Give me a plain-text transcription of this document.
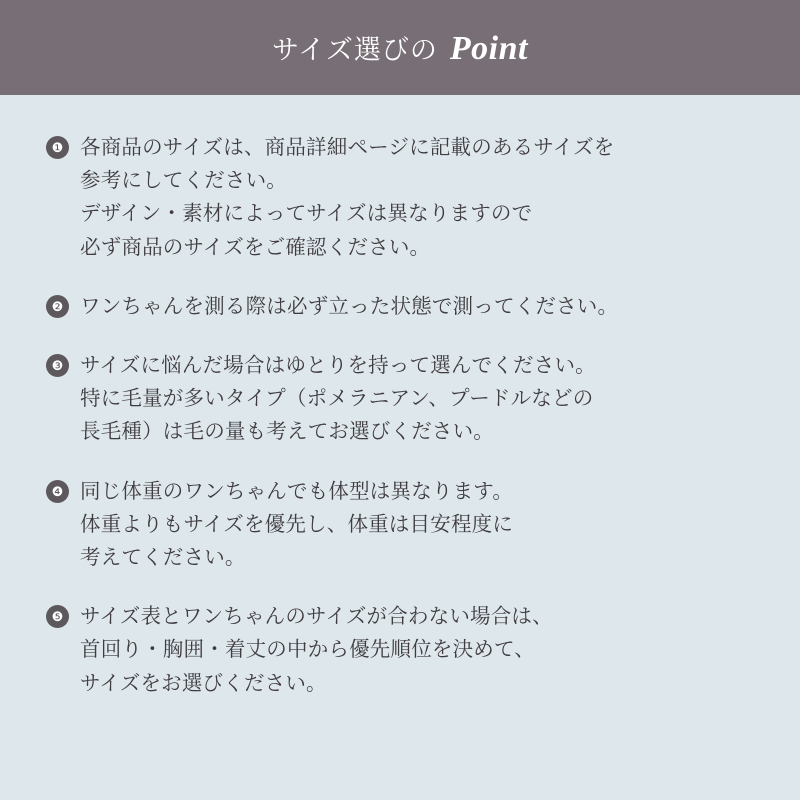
サイズ選びの Point
❶ 各商品のサイズは、商品詳細ページに記載のあるサイズを
参考にしてください。
デザイン・素材によってサイズは異なりますので
必ず商品のサイズをご確認ください。
❷ ワンちゃんを測る際は必ず立った状態で測ってください。
❸ サイズに悩んだ場合はゆとりを持って選んでください。
特に毛量が多いタイプ（ポメラニアン、プードルなどの
長毛種）は毛の量も考えてお選びください。
❹ 同じ体重のワンちゃんでも体型は異なります。
体重よりもサイズを優先し、体重は目安程度に
考えてください。
❺ サイズ表とワンちゃんのサイズが合わない場合は、
首回り・胸囲・着丈の中から優先順位を決めて、
サイズをお選びください。
